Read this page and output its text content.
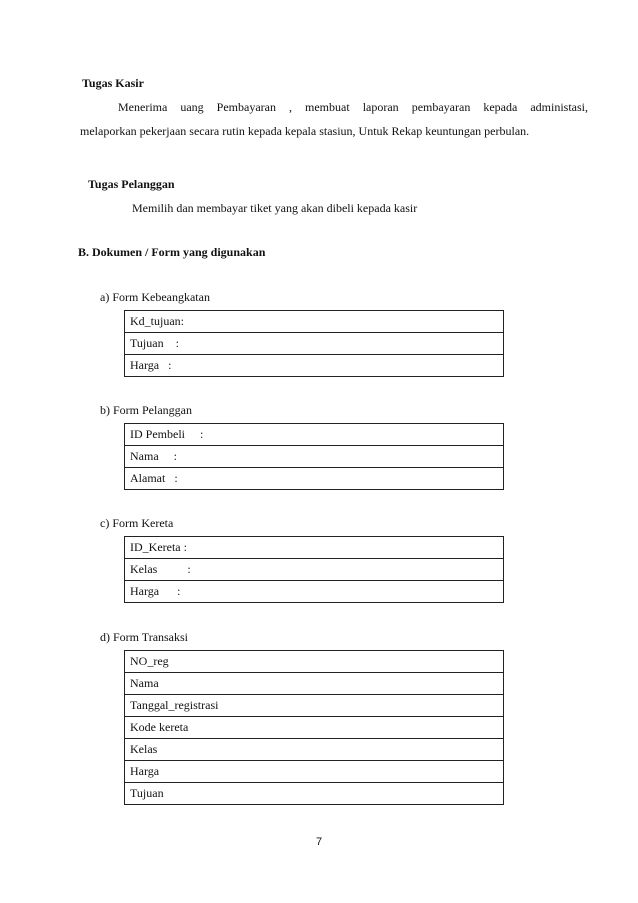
Tugas Kasir
Menerima uang Pembayaran , membuat laporan pembayaran kepada administasi,
melaporkan pekerjaan secara rutin kepada kepala stasiun, Untuk Rekap keuntungan perbulan.
Tugas Pelanggan
Memilih dan membayar tiket yang akan dibeli kepada kasir
B. Dokumen / Form yang digunakan
a) Form Kebeangkatan
Kd_tujuan:
Tujuan    :
Harga   :
b) Form Pelanggan
ID Pembeli     :
Nama     :
Alamat   :
c) Form Kereta
ID_Kereta :
Kelas          :
Harga      :
d) Form Transaksi
NO_reg
Nama
Tanggal_registrasi
Kode kereta
Kelas
Harga
Tujuan
7
